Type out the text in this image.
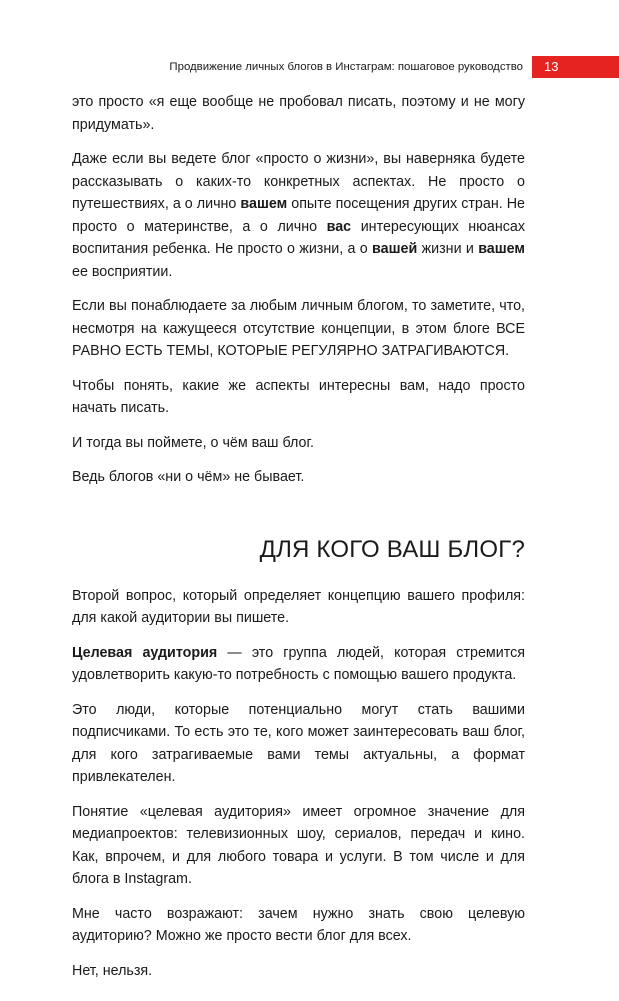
Продвижение личных блогов в Инстаграм: пошаговое руководство 13

это просто «я еще вообще не пробовал писать, поэтому и не могу придумать».

Даже если вы ведете блог «просто о жизни», вы наверняка будете рассказывать о каких-то конкретных аспектах. Не просто о путешествиях, а о лично вашем опыте посещения других стран. Не просто о материнстве, а о лично вас интересующих нюансах воспитания ребенка. Не просто о жизни, а о вашей жизни и вашем ее восприятии.

Если вы понаблюдаете за любым личным блогом, то заметите, что, несмотря на кажущееся отсутствие концепции, в этом блоге ВСЕ РАВНО ЕСТЬ ТЕМЫ, КОТОРЫЕ РЕГУЛЯРНО ЗАТРАГИВАЮТСЯ.

Чтобы понять, какие же аспекты интересны вам, надо просто начать писать.

И тогда вы поймете, о чём ваш блог.

Ведь блогов «ни о чём» не бывает.

ДЛЯ КОГО ВАШ БЛОГ?

Второй вопрос, который определяет концепцию вашего профиля: для какой аудитории вы пишете.

Целевая аудитория — это группа людей, которая стремится удовлетворить какую-то потребность с помощью вашего продукта.

Это люди, которые потенциально могут стать вашими подписчиками. То есть это те, кого может заинтересовать ваш блог, для кого затрагиваемые вами темы актуальны, а формат привлекателен.

Понятие «целевая аудитория» имеет огромное значение для медиапроектов: телевизионных шоу, сериалов, передач и кино. Как, впрочем, и для любого товара и услуги. В том числе и для блога в Instagram.

Мне часто возражают: зачем нужно знать свою целевую аудиторию? Можно же просто вести блог для всех.

Нет, нельзя.
